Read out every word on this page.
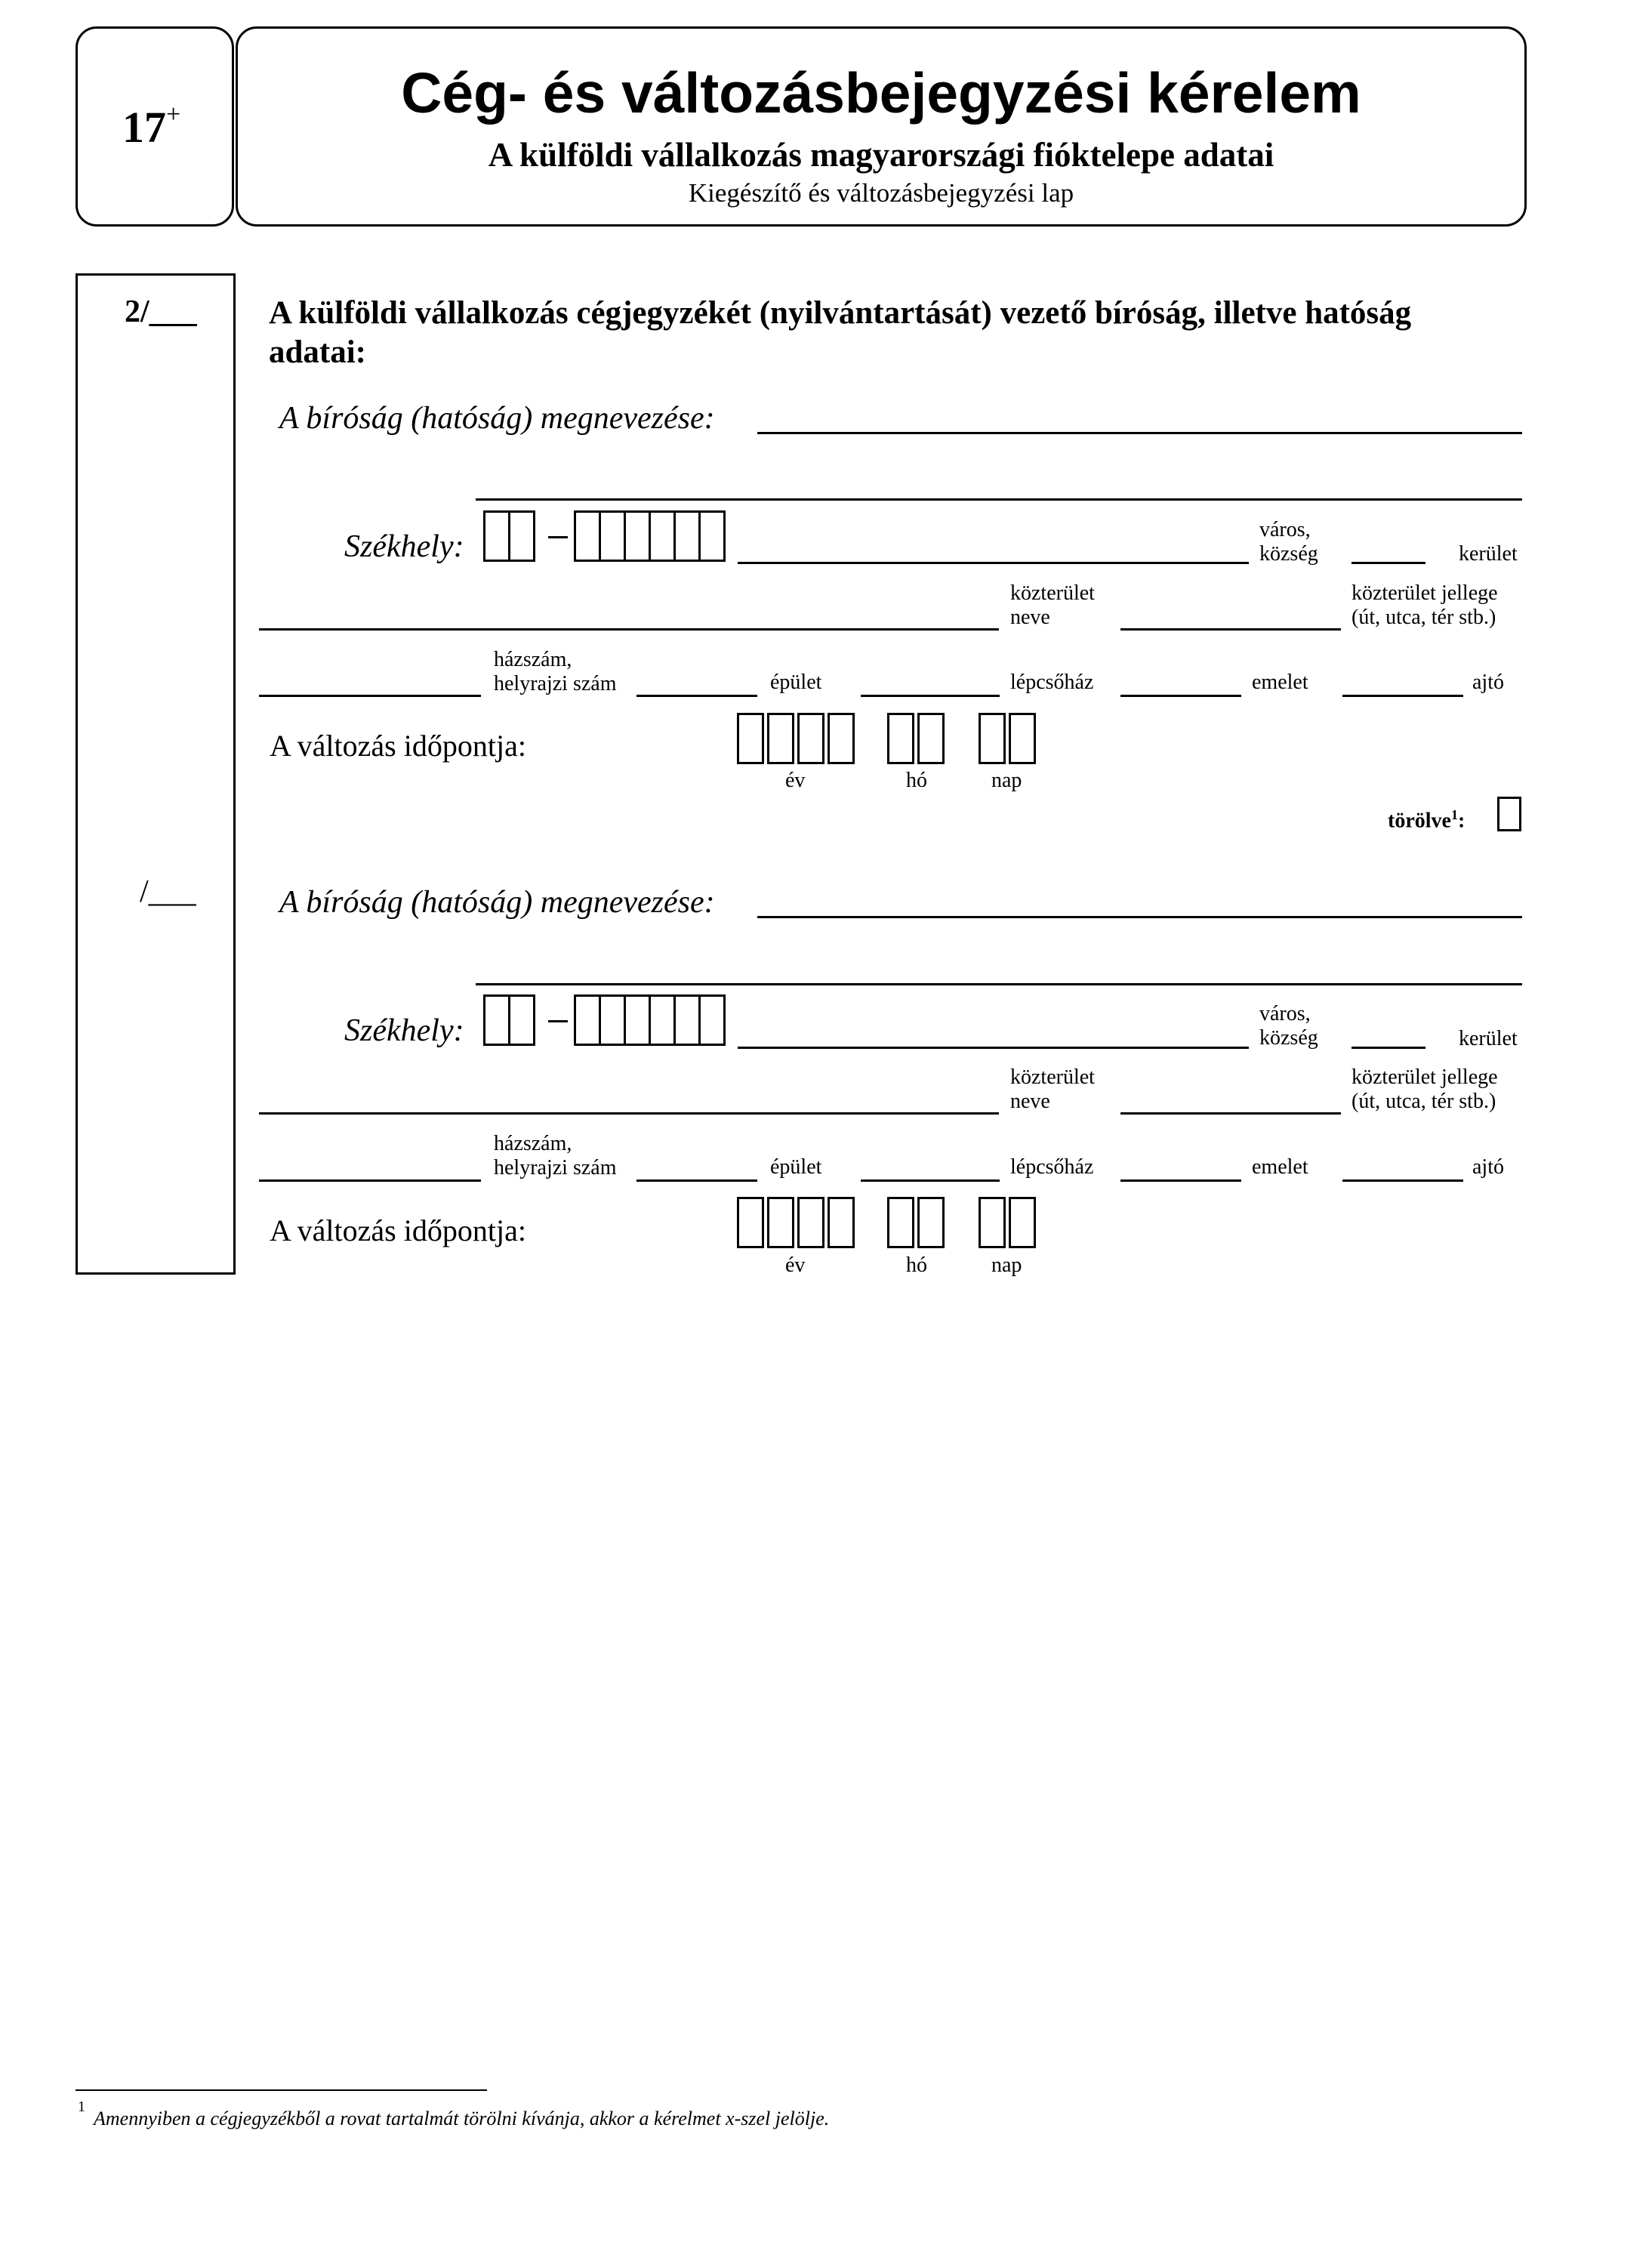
17+	Cég- és változásbejegyzési kérelem
A külföldi vállalkozás magyarországi fióktelepe adatai
Kiegészítő és változásbejegyzési lap
2/___
/___
A külföldi vállalkozás cégjegyzékét (nyilvántartását) vezető bíróság, illetve hatóság
adatai:
A bíróság (hatóság) megnevezése:
Székhely:	város,
község	kerület
közterület
neve
közterület jellege
(út, utca, tér stb.)
házszám,
helyrajzi szám	épület	lépcsőház	emelet	ajtó
A változás időpontja:
év	hó	nap
törölve$^1$:
A bíróság (hatóság) megnevezése:
Székhely:	város,
község	kerület
közterület
neve
közterület jellege
(út, utca, tér stb.)
házszám,
helyrajzi szám	épület	lépcsőház	emelet	ajtó
A változás időpontja:
év	hó	nap
1
Amennyiben a cégjegyzékből a rovat tartalmát törölni kívánja, akkor a kérelmet x-szel jelölje.
